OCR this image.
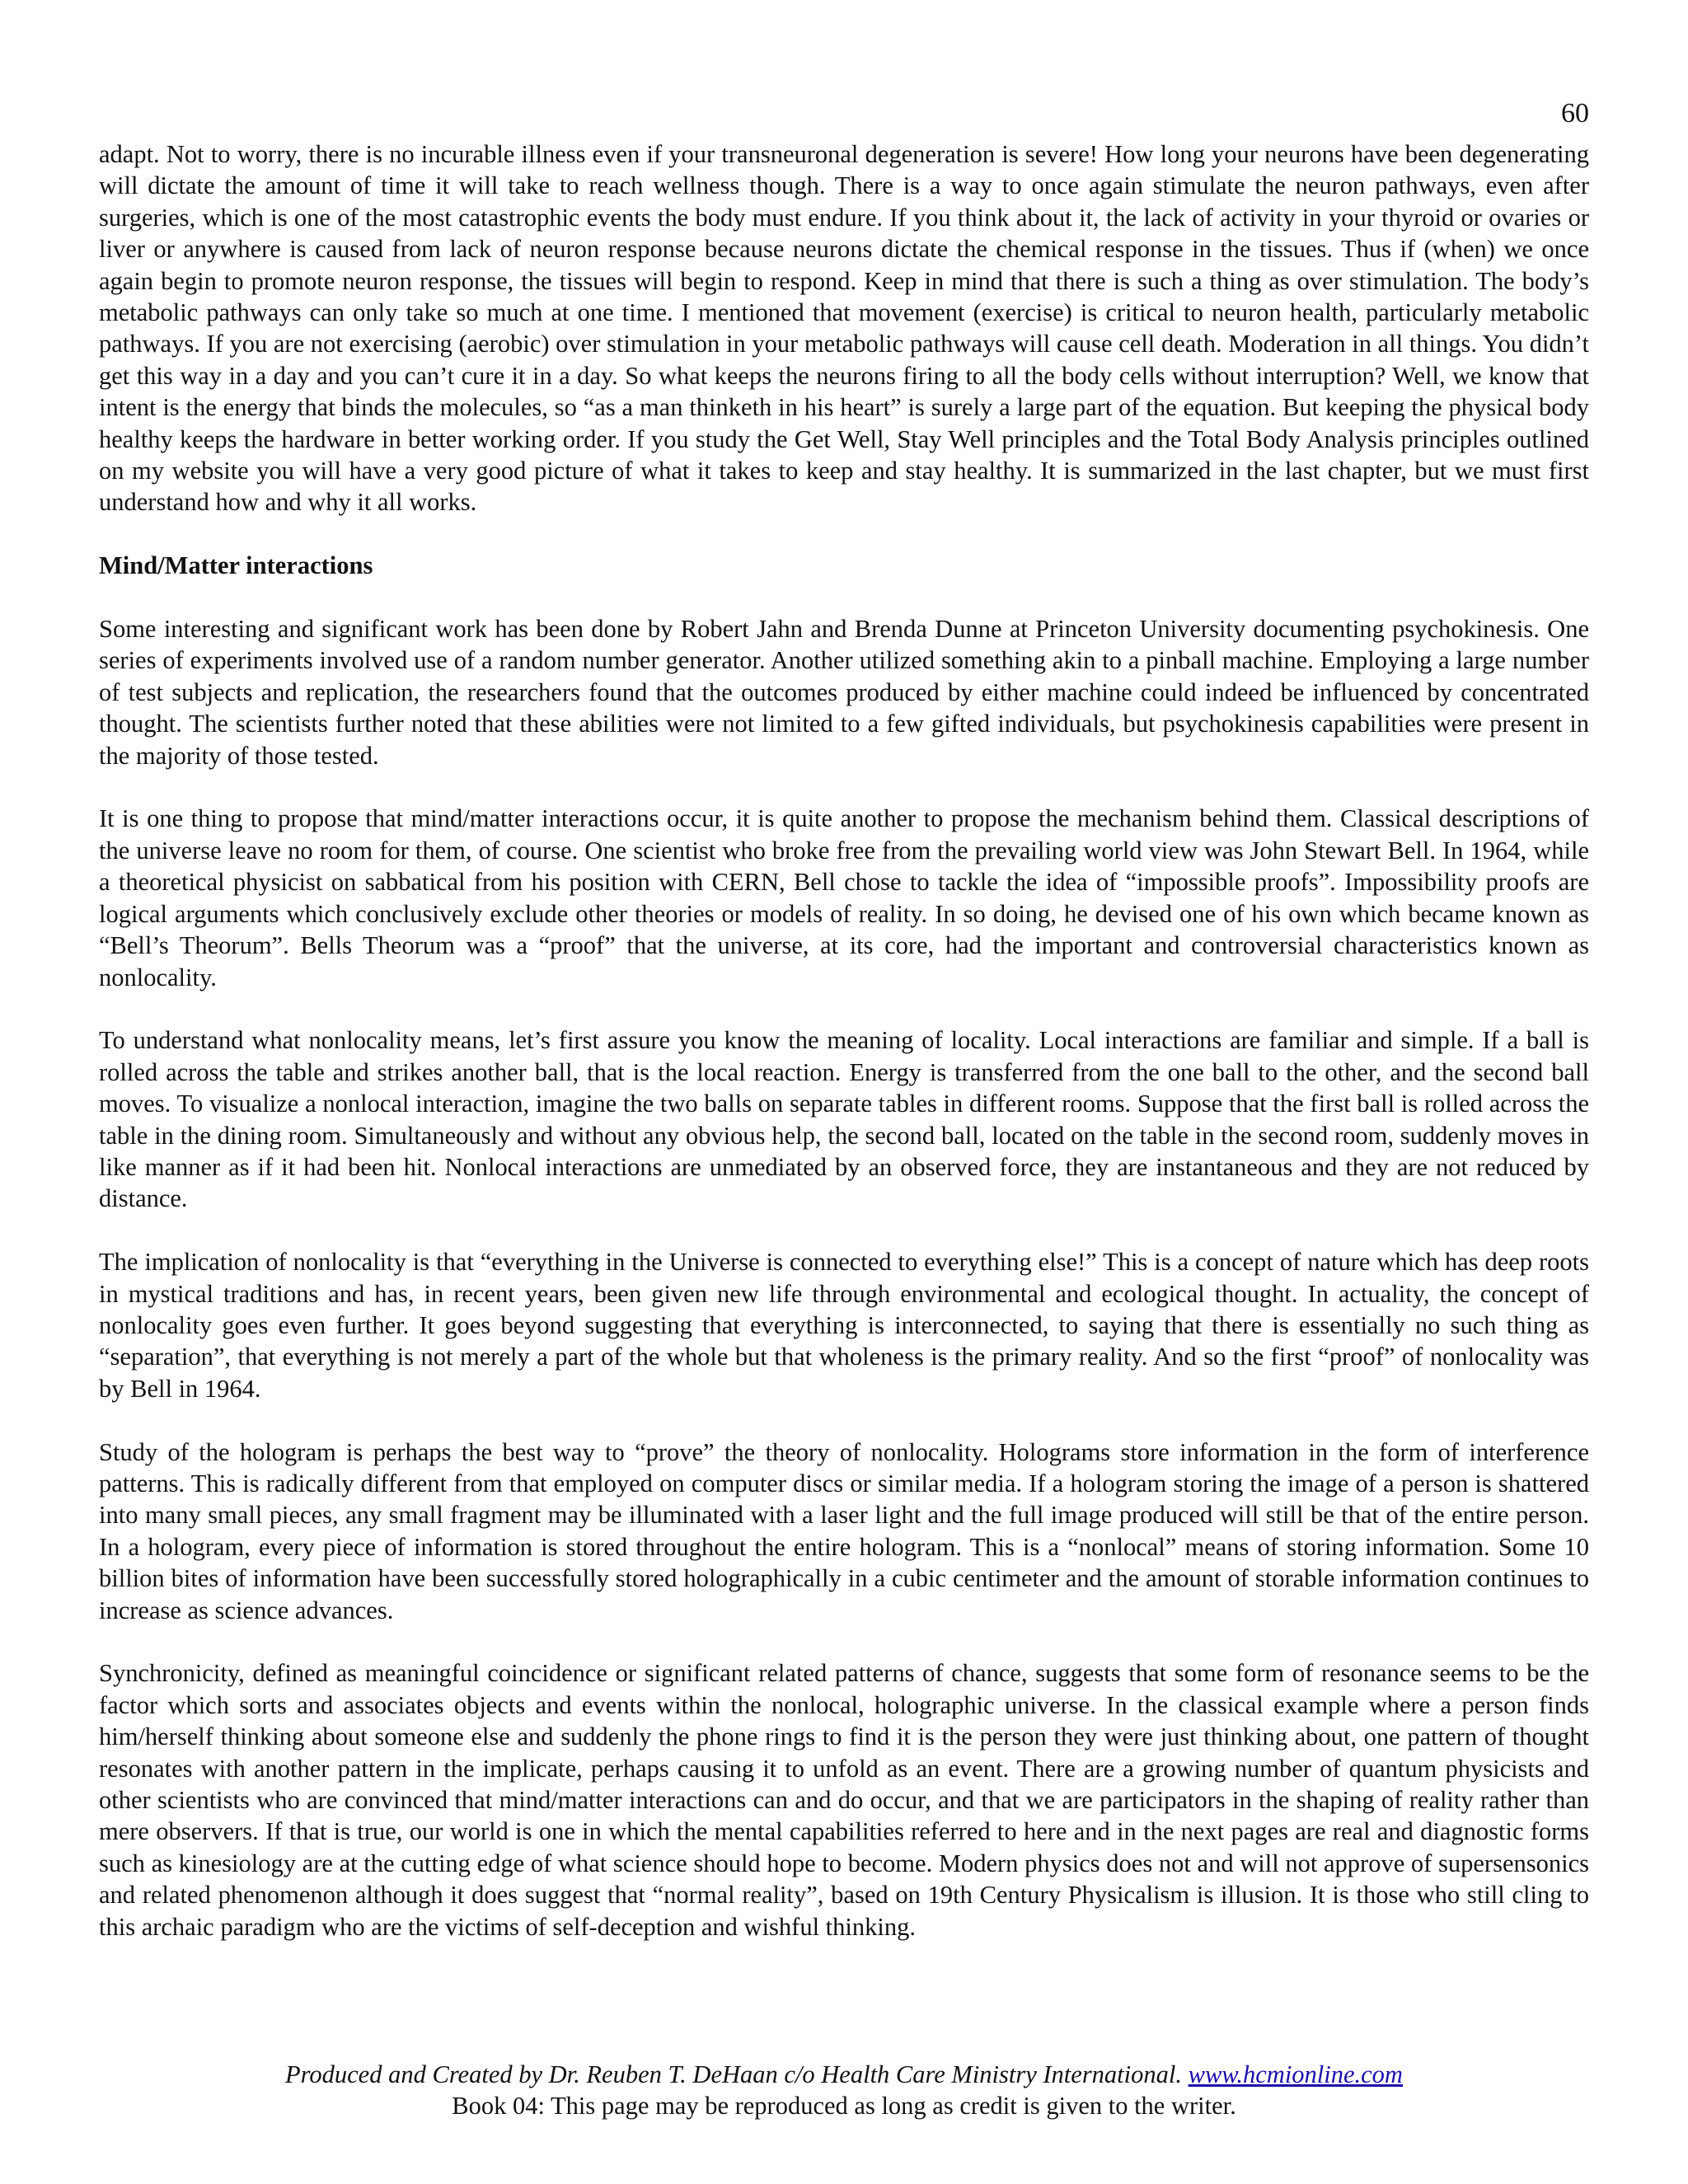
60

adapt. Not to worry, there is no incurable illness even if your transneuronal degeneration is severe! How long your neurons have been degenerating will dictate the amount of time it will take to reach wellness though. There is a way to once again stimulate the neuron pathways, even after surgeries, which is one of the most catastrophic events the body must endure. If you think about it, the lack of activity in your thyroid or ovaries or liver or anywhere is caused from lack of neuron response because neurons dictate the chemical response in the tissues. Thus if (when) we once again begin to promote neuron response, the tissues will begin to respond. Keep in mind that there is such a thing as over stimulation. The body’s metabolic pathways can only take so much at one time. I mentioned that movement (exercise) is critical to neuron health, particularly metabolic pathways. If you are not exercising (aerobic) over stimulation in your metabolic pathways will cause cell death. Moderation in all things. You didn’t get this way in a day and you can’t cure it in a day. So what keeps the neurons firing to all the body cells without interruption? Well, we know that intent is the energy that binds the molecules, so “as a man thinketh in his heart” is surely a large part of the equation. But keeping the physical body healthy keeps the hardware in better working order. If you study the Get Well, Stay Well principles and the Total Body Analysis principles outlined on my website you will have a very good picture of what it takes to keep and stay healthy. It is summarized in the last chapter, but we must first understand how and why it all works.

Mind/Matter interactions

Some interesting and significant work has been done by Robert Jahn and Brenda Dunne at Princeton University documenting psychokinesis. One series of experiments involved use of a random number generator. Another utilized something akin to a pinball machine. Employing a large number of test subjects and replication, the researchers found that the outcomes produced by either machine could indeed be influenced by concentrated thought. The scientists further noted that these abilities were not limited to a few gifted individuals, but psychokinesis capabilities were present in the majority of those tested.

It is one thing to propose that mind/matter interactions occur, it is quite another to propose the mechanism behind them. Classical descriptions of the universe leave no room for them, of course. One scientist who broke free from the prevailing world view was John Stewart Bell. In 1964, while a theoretical physicist on sabbatical from his position with CERN, Bell chose to tackle the idea of “impossible proofs”. Impossibility proofs are logical arguments which conclusively exclude other theories or models of reality. In so doing, he devised one of his own which became known as “Bell’s Theorum”. Bells Theorum was a “proof” that the universe, at its core, had the important and controversial characteristics known as nonlocality.

To understand what nonlocality means, let’s first assure you know the meaning of locality. Local interactions are familiar and simple. If a ball is rolled across the table and strikes another ball, that is the local reaction. Energy is transferred from the one ball to the other, and the second ball moves. To visualize a nonlocal interaction, imagine the two balls on separate tables in different rooms. Suppose that the first ball is rolled across the table in the dining room. Simultaneously and without any obvious help, the second ball, located on the table in the second room, suddenly moves in like manner as if it had been hit. Nonlocal interactions are unmediated by an observed force, they are instantaneous and they are not reduced by distance.

The implication of nonlocality is that “everything in the Universe is connected to everything else!” This is a concept of nature which has deep roots in mystical traditions and has, in recent years, been given new life through environmental and ecological thought. In actuality, the concept of nonlocality goes even further. It goes beyond suggesting that everything is interconnected, to saying that there is essentially no such thing as “separation”, that everything is not merely a part of the whole but that wholeness is the primary reality. And so the first “proof” of nonlocality was by Bell in 1964.

Study of the hologram is perhaps the best way to “prove” the theory of nonlocality. Holograms store information in the form of interference patterns. This is radically different from that employed on computer discs or similar media. If a hologram storing the image of a person is shattered into many small pieces, any small fragment may be illuminated with a laser light and the full image produced will still be that of the entire person. In a hologram, every piece of information is stored throughout the entire hologram. This is a “nonlocal” means of storing information. Some 10 billion bites of information have been successfully stored holographically in a cubic centimeter and the amount of storable information continues to increase as science advances.

Synchronicity, defined as meaningful coincidence or significant related patterns of chance, suggests that some form of resonance seems to be the factor which sorts and associates objects and events within the nonlocal, holographic universe. In the classical example where a person finds him/herself thinking about someone else and suddenly the phone rings to find it is the person they were just thinking about, one pattern of thought resonates with another pattern in the implicate, perhaps causing it to unfold as an event. There are a growing number of quantum physicists and other scientists who are convinced that mind/matter interactions can and do occur, and that we are participators in the shaping of reality rather than mere observers. If that is true, our world is one in which the mental capabilities referred to here and in the next pages are real and diagnostic forms such as kinesiology are at the cutting edge of what science should hope to become. Modern physics does not and will not approve of supersensonics and related phenomenon although it does suggest that “normal reality”, based on 19th Century Physicalism is illusion. It is those who still cling to this archaic paradigm who are the victims of self-deception and wishful thinking.

Produced and Created by Dr. Reuben T. DeHaan c/o Health Care Ministry International. www.hcmionline.com
Book 04: This page may be reproduced as long as credit is given to the writer.
